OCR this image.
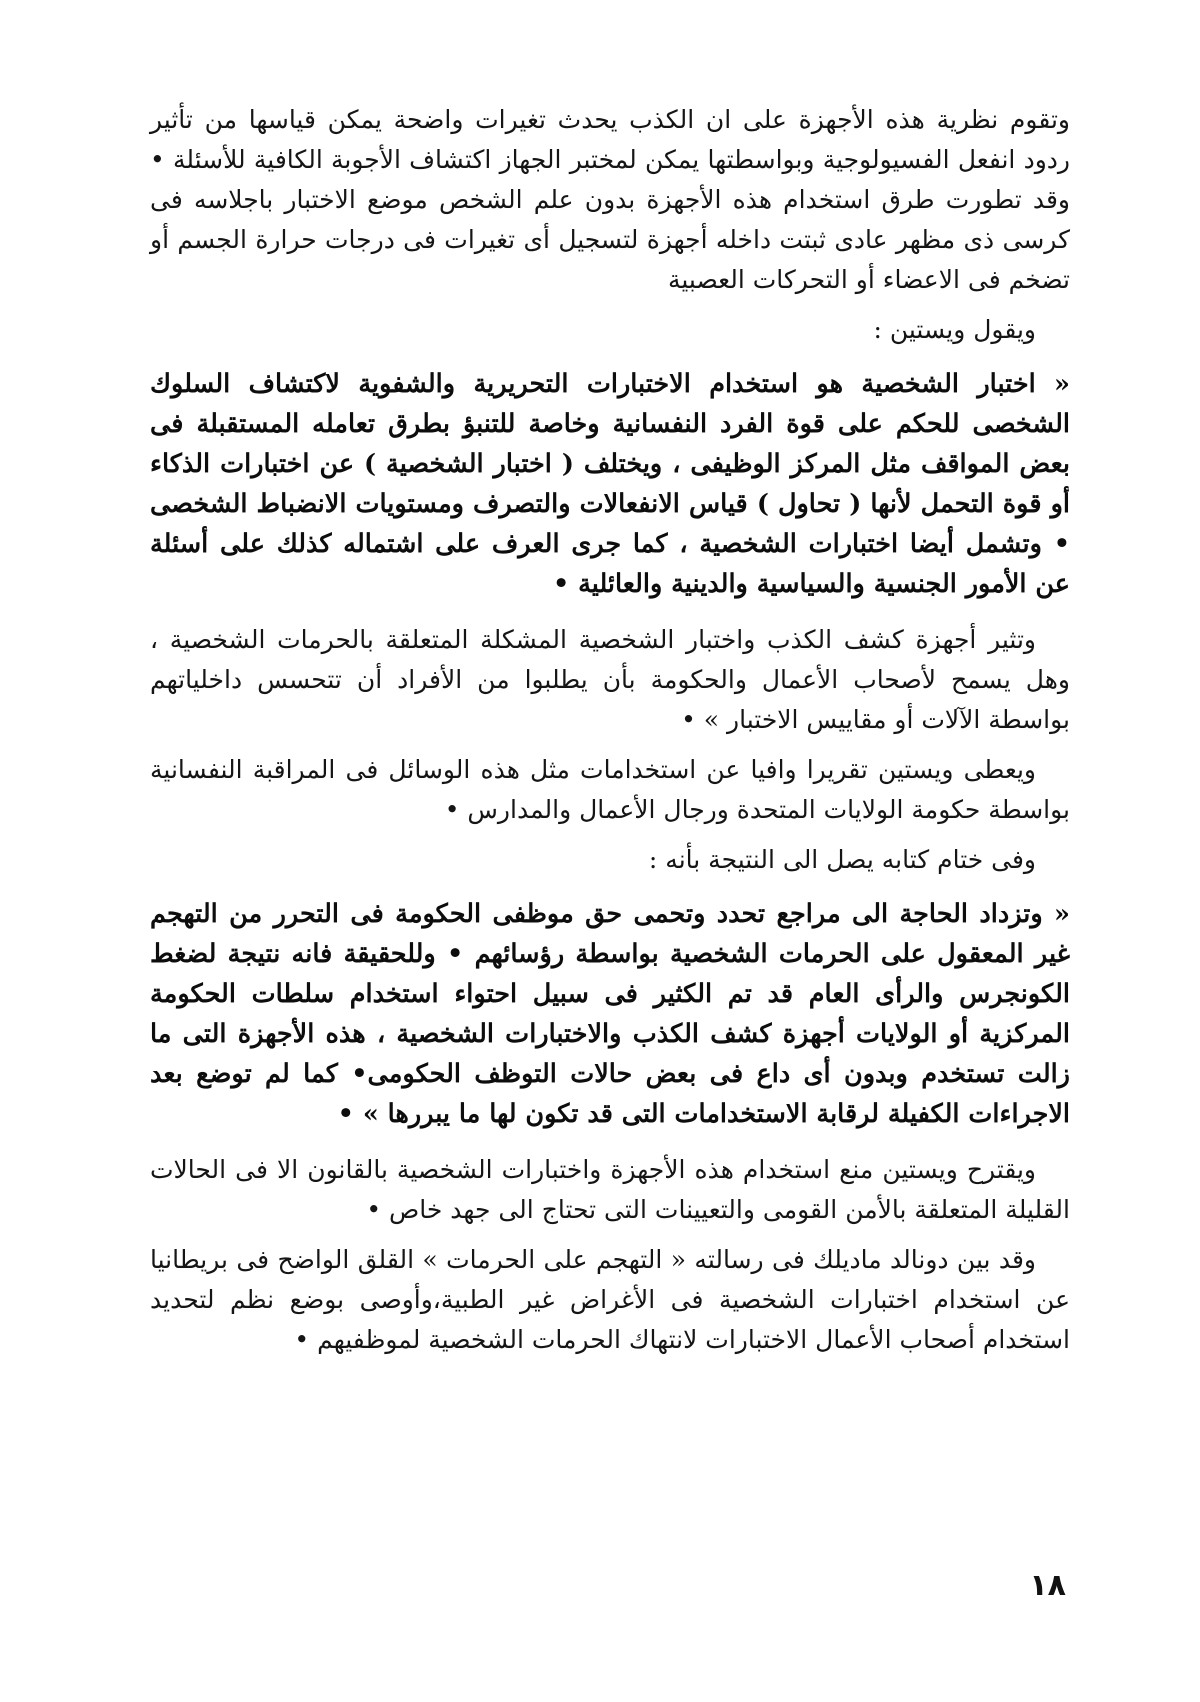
وتقوم نظرية هذه الأجهزة على ان الكذب يحدث تغيرات واضحة يمكن قياسها من تأثير ردود انفعل الفسيولوجية وبواسطتها يمكن لمختبر الجهاز اكتشاف الأجوبة الكافية للأسئلة • وقد تطورت طرق استخدام هذه الأجهزة بدون علم الشخص موضع الاختبار باجلاسه فى كرسى ذى مظهر عادى ثبتت داخله أجهزة لتسجيل أى تغيرات فى درجات حرارة الجسم أو تضخم فى الاعضاء أو التحركات العصبية

ويقول ويستين :

« اختبار الشخصية هو استخدام الاختبارات التحريرية والشفوية لاكتشاف السلوك الشخصى للحكم على قوة الفرد النفسانية وخاصة للتنبؤ بطرق تعامله المستقبلة فى بعض المواقف مثل المركز الوظيفى ، ويختلف ( اختبار الشخصية ) عن اختبارات الذكاء أو قوة التحمل لأنها ( تحاول ) قياس الانفعالات والتصرف ومستويات الانضباط الشخصى • وتشمل أيضا اختبارات الشخصية ، كما جرى العرف على اشتماله كذلك على أسئلة عن الأمور الجنسية والسياسية والدينية والعائلية •

وتثير أجهزة كشف الكذب واختبار الشخصية المشكلة المتعلقة بالحرمات الشخصية ، وهل يسمح لأصحاب الأعمال والحكومة بأن يطلبوا من الأفراد أن تتحسس داخلياتهم بواسطة الآلات أو مقاييس الاختبار » •

ويعطى ويستين تقريرا وافيا عن استخدامات مثل هذه الوسائل فى المراقبة النفسانية بواسطة حكومة الولايات المتحدة ورجال الأعمال والمدارس •

وفى ختام كتابه يصل الى النتيجة بأنه :

« وتزداد الحاجة الى مراجع تحدد وتحمى حق موظفى الحكومة فى التحرر من التهجم غير المعقول على الحرمات الشخصية بواسطة رؤسائهم • وللحقيقة فانه نتيجة لضغط الكونجرس والرأى العام قد تم الكثير فى سبيل احتواء استخدام سلطات الحكومة المركزية أو الولايات أجهزة كشف الكذب والاختبارات الشخصية ، هذه الأجهزة التى ما زالت تستخدم وبدون أى داع فى بعض حالات التوظف الحكومى• كما لم توضع بعد الاجراءات الكفيلة لرقابة الاستخدامات التى قد تكون لها ما يبررها » •

ويقترح ويستين منع استخدام هذه الأجهزة واختبارات الشخصية بالقانون الا فى الحالات القليلة المتعلقة بالأمن القومى والتعيينات التى تحتاج الى جهد خاص •

وقد بين دونالد ماديلك فى رسالته « التهجم على الحرمات » القلق الواضح فى بريطانيا عن استخدام اختبارات الشخصية فى الأغراض غير الطبية،وأوصى بوضع نظم لتحديد استخدام أصحاب الأعمال الاختبارات لانتهاك الحرمات الشخصية لموظفيهم •

١٨
